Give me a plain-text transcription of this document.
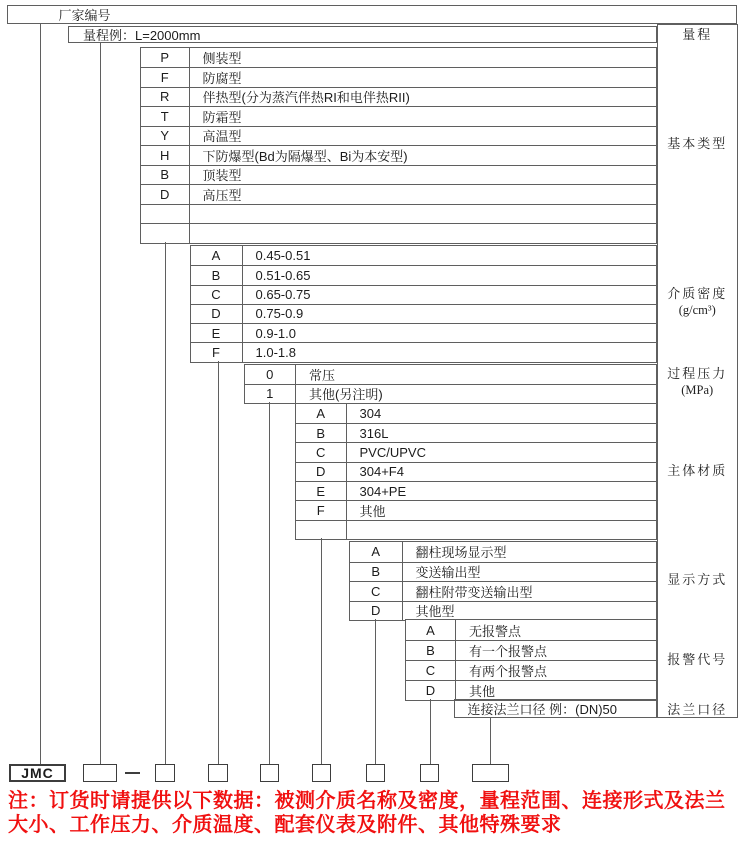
厂家编号
量程例：L=2000mm	量程
基本类型
介质密度
(g/cm³)
过程压力
(MPa)
主体材质
显示方式
报警代号
法兰口径
P	侧装型
F	防腐型
R	伴热型(分为蒸汽伴热RI和电伴热RII)
T	防霜型
Y	高温型
H	下防爆型(Bd为隔爆型、Bi为本安型)
B	顶装型
D	高压型
A	0.45-0.51
B	0.51-0.65
C	0.65-0.75
D	0.75-0.9
E	0.9-1.0
F	1.0-1.8
0	常压
1	其他(另注明)
A	304
B	316L
C	PVC/UPVC
D	304+F4
E	304+PE
F	其他
A	翻柱现场显示型
B	变送输出型
C	翻柱附带变送输出型
D	其他型
A	无报警点
B	有一个报警点
C	有两个报警点
D	其他
连接法兰口径 例：(DN)50
JMC
注：订货时请提供以下数据：被测介质名称及密度，量程范围、连接形式及法兰
大小、工作压力、介质温度、配套仪表及附件、其他特殊要求
